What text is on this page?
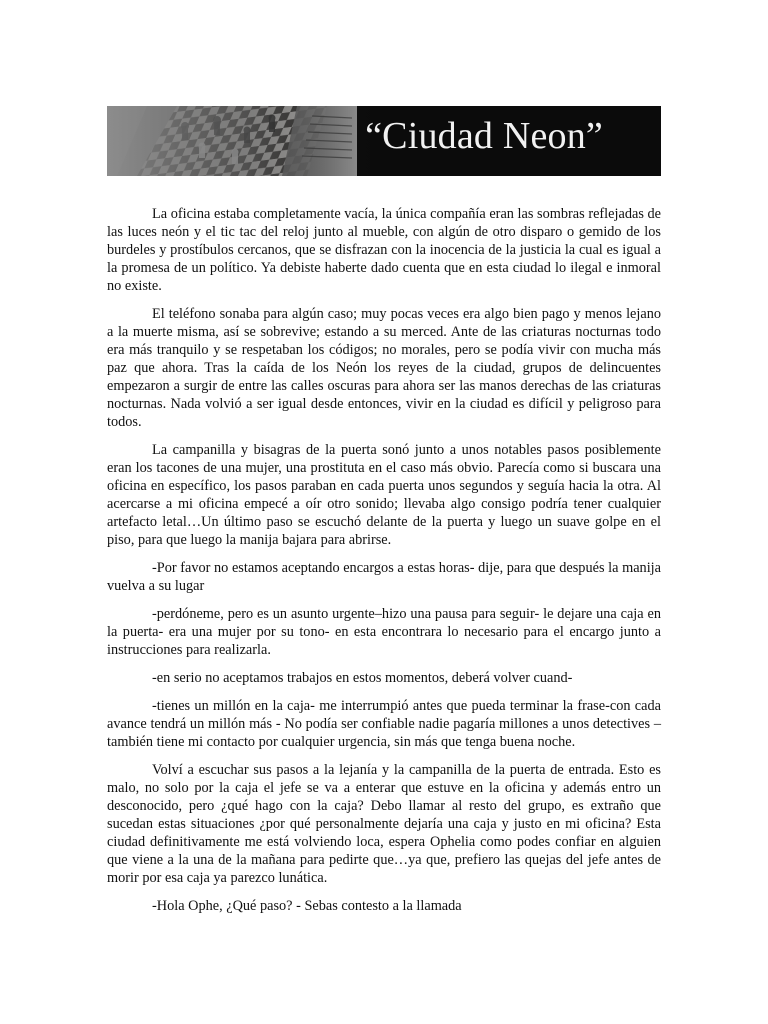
“Ciudad Neon”

La oficina estaba completamente vacía, la única compañía eran las sombras reflejadas de las luces neón y el tic tac del reloj junto al mueble, con algún de otro disparo o gemido de los burdeles y prostíbulos cercanos, que se disfrazan con la inocencia de la justicia la cual es igual a la promesa de un político. Ya debiste haberte dado cuenta que en esta ciudad lo ilegal e inmoral no existe.

El teléfono sonaba para algún caso; muy pocas veces era algo bien pago y menos lejano a la muerte misma, así se sobrevive; estando a su merced. Ante de las criaturas nocturnas todo era más tranquilo y se respetaban los códigos; no morales, pero se podía vivir con mucha más paz que ahora. Tras la caída de los Neón los reyes de la ciudad, grupos de delincuentes empezaron a surgir de entre las calles oscuras para ahora ser las manos derechas de las criaturas nocturnas. Nada volvió a ser igual desde entonces, vivir en la ciudad es difícil y peligroso para todos.

La campanilla y bisagras de la puerta sonó junto a unos notables pasos posiblemente eran los tacones de una mujer, una prostituta en el caso más obvio. Parecía como si buscara una oficina en específico, los pasos paraban en cada puerta unos segundos y seguía hacia la otra. Al acercarse a mi oficina empecé a oír otro sonido; llevaba algo consigo podría tener cualquier artefacto letal…Un último paso se escuchó delante de la puerta y luego un suave golpe en el piso, para que luego la manija bajara para abrirse.

-Por favor no estamos aceptando encargos a estas horas- dije, para que después la manija vuelva a su lugar

-perdóneme, pero es un asunto urgente–hizo una pausa para seguir- le dejare una caja en la puerta- era una mujer por su tono- en esta encontrara lo necesario para el encargo junto a instrucciones para realizarla.

-en serio no aceptamos trabajos en estos momentos, deberá volver cuand-

-tienes un millón en la caja- me interrumpió antes que pueda terminar la frase-con cada avance tendrá un millón más - No podía ser confiable nadie pagaría millones a unos detectives –también tiene mi contacto por cualquier urgencia, sin más que tenga buena noche.

Volví a escuchar sus pasos a la lejanía y la campanilla de la puerta de entrada. Esto es malo, no solo por la caja el jefe se va a enterar que estuve en la oficina y además entro un desconocido, pero ¿qué hago con la caja? Debo llamar al resto del grupo, es extraño que sucedan estas situaciones ¿por qué personalmente dejaría una caja y justo en mi oficina? Esta ciudad definitivamente me está volviendo loca, espera Ophelia como podes confiar en alguien que viene a la una de la mañana para pedirte que…ya que, prefiero las quejas del jefe antes de morir por esa caja ya parezco lunática.

-Hola Ophe, ¿Qué paso? - Sebas contesto a la llamada
